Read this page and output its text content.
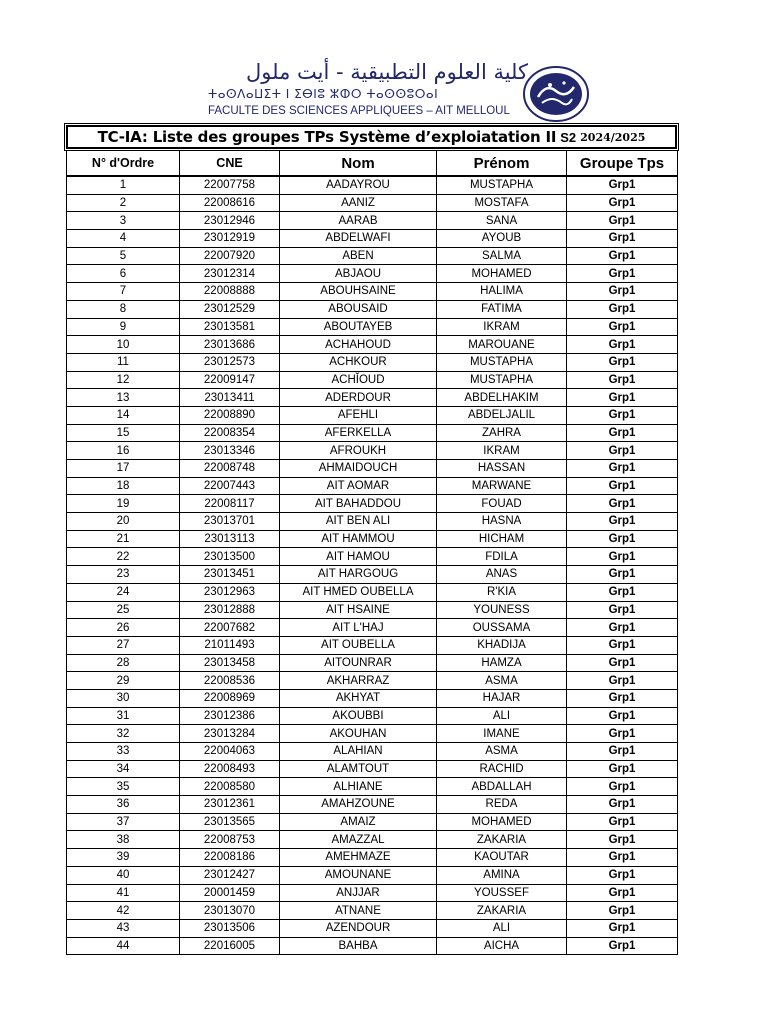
كلية العلوم التطبيقية - أيت ملول
ⵜⴰⵙⴷⴰⵡⵉⵜ ⵏ ⵉⴱⵏⵓ ⵣⵀⵔ ⵜⴰⵙⵙⵓⵔⴰⵏ
FACULTE DES SCIENCES APPLIQUEES – AIT MELLOUL
TC-IA: Liste des groupes TPs Système d’exploiatation II S2 2024/2025
N° d'Ordre	CNE	Nom	Prénom	Groupe Tps
1	22007758	AADAYROU	MUSTAPHA	Grp1
2	22008616	AANIZ	MOSTAFA	Grp1
3	23012946	AARAB	SANA	Grp1
4	23012919	ABDELWAFI	AYOUB	Grp1
5	22007920	ABEN	SALMA	Grp1
6	23012314	ABJAOU	MOHAMED	Grp1
7	22008888	ABOUHSAINE	HALIMA	Grp1
8	23012529	ABOUSAID	FATIMA	Grp1
9	23013581	ABOUTAYEB	IKRAM	Grp1
10	23013686	ACHAHOUD	MAROUANE	Grp1
11	23012573	ACHKOUR	MUSTAPHA	Grp1
12	22009147	ACHǏOUD	MUSTAPHA	Grp1
13	23013411	ADERDOUR	ABDELHAKIM	Grp1
14	22008890	AFEHLI	ABDELJALIL	Grp1
15	22008354	AFERKELLA	ZAHRA	Grp1
16	23013346	AFROUKH	IKRAM	Grp1
17	22008748	AHMAIDOUCH	HASSAN	Grp1
18	22007443	AIT AOMAR	MARWANE	Grp1
19	22008117	AIT BAHADDOU	FOUAD	Grp1
20	23013701	AIT BEN ALI	HASNA	Grp1
21	23013113	AIT HAMMOU	HICHAM	Grp1
22	23013500	AIT HAMOU	FDILA	Grp1
23	23013451	AIT HARGOUG	ANAS	Grp1
24	23012963	AIT HMED OUBELLA	R'KIA	Grp1
25	23012888	AIT HSAINE	YOUNESS	Grp1
26	22007682	AIT L'HAJ	OUSSAMA	Grp1
27	21011493	AIT OUBELLA	KHADIJA	Grp1
28	23013458	AITOUNRAR	HAMZA	Grp1
29	22008536	AKHARRAZ	ASMA	Grp1
30	22008969	AKHYAT	HAJAR	Grp1
31	23012386	AKOUBBI	ALI	Grp1
32	23013284	AKOUHAN	IMANE	Grp1
33	22004063	ALAHIAN	ASMA	Grp1
34	22008493	ALAMTOUT	RACHID	Grp1
35	22008580	ALHIANE	ABDALLAH	Grp1
36	23012361	AMAHZOUNE	REDA	Grp1
37	23013565	AMAIZ	MOHAMED	Grp1
38	22008753	AMAZZAL	ZAKARIA	Grp1
39	22008186	AMEHMAZE	KAOUTAR	Grp1
40	23012427	AMOUNANE	AMINA	Grp1
41	20001459	ANJJAR	YOUSSEF	Grp1
42	23013070	ATNANE	ZAKARIA	Grp1
43	23013506	AZENDOUR	ALI	Grp1
44	22016005	BAHBA	AICHA	Grp1
